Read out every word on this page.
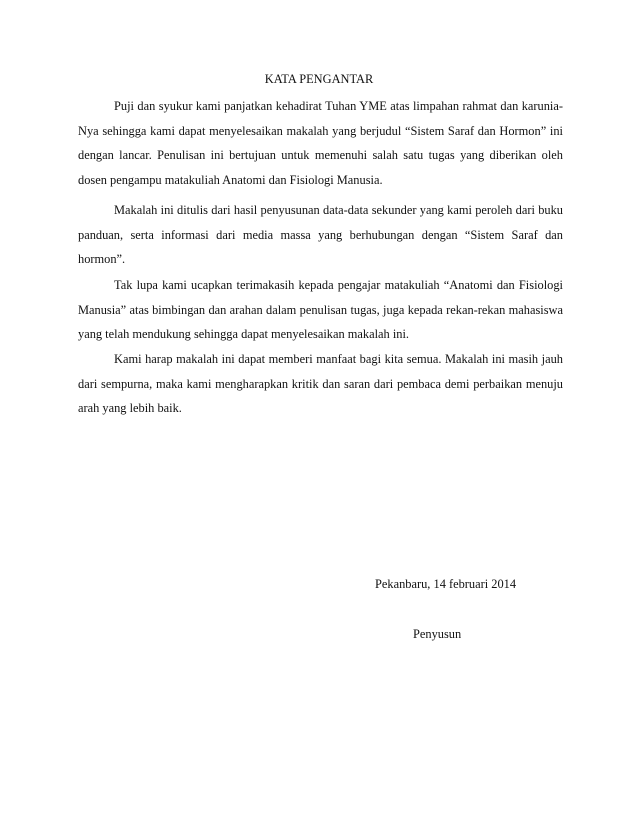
KATA PENGANTAR

Puji dan syukur kami panjatkan kehadirat Tuhan YME atas limpahan rahmat dan karunia-Nya sehingga kami dapat menyelesaikan makalah yang berjudul “Sistem Saraf dan Hormon” ini dengan lancar. Penulisan ini bertujuan untuk memenuhi salah satu tugas yang diberikan oleh dosen pengampu matakuliah Anatomi dan Fisiologi Manusia.

Makalah ini ditulis dari hasil penyusunan data-data sekunder yang kami peroleh dari buku panduan, serta informasi dari media massa yang berhubungan dengan “Sistem Saraf dan hormon”.

Tak lupa kami ucapkan terimakasih kepada pengajar matakuliah “Anatomi dan Fisiologi Manusia” atas bimbingan dan arahan dalam penulisan tugas, juga kepada rekan-rekan mahasiswa yang telah mendukung sehingga dapat menyelesaikan makalah ini.

Kami harap makalah ini dapat memberi manfaat bagi kita semua. Makalah ini masih jauh dari sempurna, maka kami mengharapkan kritik dan saran dari pembaca demi perbaikan menuju arah yang lebih baik.

Pekanbaru, 14 februari 2014
Penyusun
